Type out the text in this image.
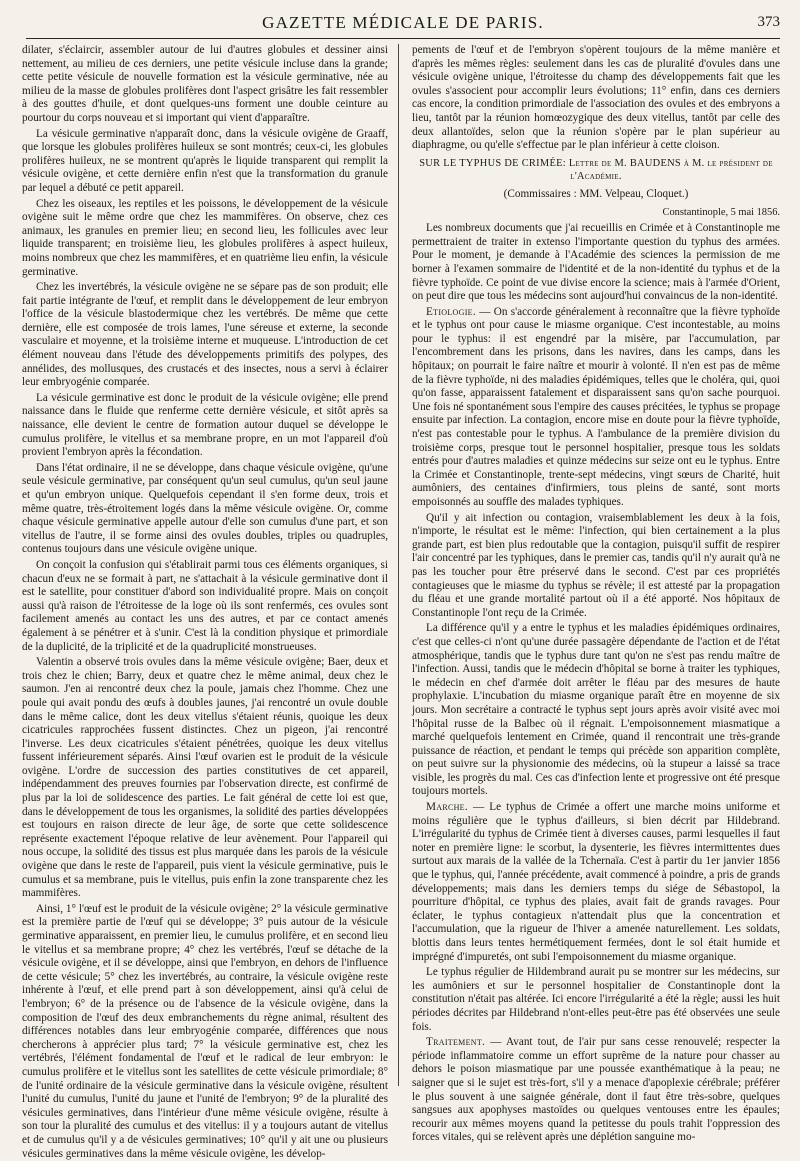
GAZETTE MÉDICALE DE PARIS.	373

dilater, s'éclaircir, assembler autour de lui d'autres globules et dessiner ainsi nettement, au milieu de ces derniers, une petite vésicule incluse dans la grande; cette petite vésicule de nouvelle formation est la vésicule germinative, née au milieu de la masse de globules prolifères dont l'aspect grisâtre les fait ressembler à des gouttes d'huile, et dont quelques-uns forment une double ceinture au pourtour du corps nouveau et si important qui vient d'apparaître.

La vésicule germinative n'apparaît donc, dans la vésicule ovigène de Graaff, que lorsque les globules prolifères huileux se sont montrés; ceux-ci, les globules prolifères huileux, ne se montrent qu'après le liquide transparent qui remplit la vésicule ovigène, et cette dernière enfin n'est que la transformation du granule par lequel a débuté ce petit appareil.

Chez les oiseaux, les reptiles et les poissons, le développement de la vésicule ovigène suit le même ordre que chez les mammifères. On observe, chez ces animaux, les granules en premier lieu; en second lieu, les follicules avec leur liquide transparent; en troisième lieu, les globules prolifères à aspect huileux, moins nombreux que chez les mammifères, et en quatrième lieu enfin, la vésicule germinative.

Chez les invertébrés, la vésicule ovigène ne se sépare pas de son produit; elle fait partie intégrante de l'œuf, et remplit dans le développement de leur embryon l'office de la vésicule blastodermique chez les vertébrés. De même que cette dernière, elle est composée de trois lames, l'une séreuse et externe, la seconde vasculaire et moyenne, et la troisième interne et muqueuse. L'introduction de cet élément nouveau dans l'étude des développements primitifs des polypes, des annélides, des mollusques, des crustacés et des insectes, nous a servi à éclairer leur embryogénie comparée.

La vésicule germinative est donc le produit de la vésicule ovigène; elle prend naissance dans le fluide que renferme cette dernière vésicule, et sitôt après sa naissance, elle devient le centre de formation autour duquel se développe le cumulus prolifère, le vitellus et sa membrane propre, en un mot l'appareil d'où provient l'embryon après la fécondation.

Dans l'état ordinaire, il ne se développe, dans chaque vésicule ovigène, qu'une seule vésicule germinative, par conséquent qu'un seul cumulus, qu'un seul jaune et qu'un embryon unique. Quelquefois cependant il s'en forme deux, trois et même quatre, très-étroitement logés dans la même vésicule ovigène. Or, comme chaque vésicule germinative appelle autour d'elle son cumulus d'une part, et son vitellus de l'autre, il se forme ainsi des ovules doubles, triples ou quadruples, contenus toujours dans une vésicule ovigène unique.

On conçoit la confusion qui s'établirait parmi tous ces éléments organiques, si chacun d'eux ne se formait à part, ne s'attachait à la vésicule germinative dont il est le satellite, pour constituer d'abord son individualité propre. Mais on conçoit aussi qu'à raison de l'étroitesse de la loge où ils sont renfermés, ces ovules sont facilement amenés au contact les uns des autres, et par ce contact amenés également à se pénétrer et à s'unir. C'est là la condition physique et primordiale de la duplicité, de la triplicité et de la quadruplicité monstrueuses.

Valentin a observé trois ovules dans la même vésicule ovigène; Baer, deux et trois chez le chien; Barry, deux et quatre chez le même animal, deux chez le saumon. J'en ai rencontré deux chez la poule, jamais chez l'homme. Chez une poule qui avait pondu des œufs à doubles jaunes, j'ai rencontré un ovule double dans le même calice, dont les deux vitellus s'étaient réunis, quoique les deux cicatricules rapprochées fussent distinctes. Chez un pigeon, j'ai rencontré l'inverse. Les deux cicatricules s'étaient pénétrées, quoique les deux vitellus fussent inférieurement séparés. Ainsi l'œuf ovarien est le produit de la vésicule ovigène. L'ordre de succession des parties constitutives de cet appareil, indépendamment des preuves fournies par l'observation directe, est confirmé de plus par la loi de solidescence des parties. Le fait général de cette loi est que, dans le développement de tous les organismes, la solidité des parties développées est toujours en raison directe de leur âge, de sorte que cette solidescence représente exactement l'époque relative de leur avènement. Pour l'appareil qui nous occupe, la solidité des tissus est plus marquée dans les parois de la vésicule ovigène que dans le reste de l'appareil, puis vient la vésicule germinative, puis le cumulus et sa membrane, puis le vitellus, puis enfin la zone transparente chez les mammifères.

Ainsi, 1° l'œuf est le produit de la vésicule ovigène; 2° la vésicule germinative est la première partie de l'œuf qui se développe; 3° puis autour de la vésicule germinative apparaissent, en premier lieu, le cumulus prolifère, et en second lieu le vitellus et sa membrane propre; 4° chez les vertébrés, l'œuf se détache de la vésicule ovigène, et il se développe, ainsi que l'embryon, en dehors de l'influence de cette vésicule; 5° chez les invertébrés, au contraire, la vésicule ovigène reste inhérente à l'œuf, et elle prend part à son développement, ainsi qu'à celui de l'embryon; 6° de la présence ou de l'absence de la vésicule ovigène, dans la composition de l'œuf des deux embranchements du règne animal, résultent des différences notables dans leur embryogénie comparée, différences que nous chercherons à apprécier plus tard; 7° la vésicule germinative est, chez les vertébrés, l'élément fondamental de l'œuf et le radical de leur embryon: le cumulus prolifère et le vitellus sont les satellites de cette vésicule primordiale; 8° de l'unité ordinaire de la vésicule germinative dans la vésicule ovigène, résultent l'unité du cumulus, l'unité du jaune et l'unité de l'embryon; 9° de la pluralité des vésicules germinatives, dans l'intérieur d'une même vésicule ovigène, résulte à son tour la pluralité des cumulus et des vitellus: il y a toujours autant de vitellus et de cumulus qu'il y a de vésicules germinatives; 10° qu'il y ait une ou plusieurs vésicules germinatives dans la même vésicule ovigène, les dévelop-

pements de l'œuf et de l'embryon s'opèrent toujours de la même manière et d'après les mêmes règles: seulement dans les cas de pluralité d'ovules dans une vésicule ovigène unique, l'étroitesse du champ des développements fait que les ovules s'associent pour accomplir leurs évolutions; 11° enfin, dans ces derniers cas encore, la condition primordiale de l'association des ovules et des embryons a lieu, tantôt par la réunion homœozygique des deux vitellus, tantôt par celle des deux allantoïdes, selon que la réunion s'opère par le plan supérieur au diaphragme, ou qu'elle s'effectue par le plan inférieur à cette cloison.

SUR LE TYPHUS DE CRIMÉE: Lettre de M. BAUDENS à M. le président de l'Académie.

(Commissaires : MM. Velpeau, Cloquet.)

Constantinople, 5 mai 1856.

Les nombreux documents que j'ai recueillis en Crimée et à Constantinople me permettraient de traiter in extenso l'importante question du typhus des armées. Pour le moment, je demande à l'Académie des sciences la permission de me borner à l'examen sommaire de l'identité et de la non-identité du typhus et de la fièvre typhoïde. Ce point de vue divise encore la science; mais à l'armée d'Orient, on peut dire que tous les médecins sont aujourd'hui convaincus de la non-identité.

Etiologie. — On s'accorde généralement à reconnaître que la fièvre typhoïde et le typhus ont pour cause le miasme organique. C'est incontestable, au moins pour le typhus: il est engendré par la misère, par l'accumulation, par l'encombrement dans les prisons, dans les navires, dans les camps, dans les hôpitaux; on pourrait le faire naître et mourir à volonté. Il n'en est pas de même de la fièvre typhoïde, ni des maladies épidémiques, telles que le choléra, qui, quoi qu'on fasse, apparaissent fatalement et disparaissent sans qu'on sache pourquoi. Une fois né spontanément sous l'empire des causes précitées, le typhus se propage ensuite par infection. La contagion, encore mise en doute pour la fièvre typhoïde, n'est pas contestable pour le typhus. A l'ambulance de la première division du troisième corps, presque tout le personnel hospitalier, presque tous les soldats entrés pour d'autres maladies et quinze médecins sur seize ont eu le typhus. Entre la Crimée et Constantinople, trente-sept médecins, vingt sœurs de Charité, huit aumôniers, des centaines d'infirmiers, tous pleins de santé, sont morts empoisonnés au souffle des malades typhiques.

Qu'il y ait infection ou contagion, vraisemblablement les deux à la fois, n'importe, le résultat est le même: l'infection, qui bien certainement a la plus grande part, est bien plus redoutable que la contagion, puisqu'il suffit de respirer l'air concentré par les typhiques, dans le premier cas, tandis qu'il n'y aurait qu'à ne pas les toucher pour être préservé dans le second. C'est par ces propriétés contagieuses que le miasme du typhus se révèle; il est attesté par la propagation du fléau et une grande mortalité partout où il a été apporté. Nos hôpitaux de Constantinople l'ont reçu de la Crimée.

La différence qu'il y a entre le typhus et les maladies épidémiques ordinaires, c'est que celles-ci n'ont qu'une durée passagère dépendante de l'action et de l'état atmosphérique, tandis que le typhus dure tant qu'on ne s'est pas rendu maître de l'infection. Aussi, tandis que le médecin d'hôpital se borne à traiter les typhiques, le médecin en chef d'armée doit arrêter le fléau par des mesures de haute prophylaxie. L'incubation du miasme organique paraît être en moyenne de six jours. Mon secrétaire a contracté le typhus sept jours après avoir visité avec moi l'hôpital russe de la Balbec où il régnait. L'empoisonnement miasmatique a marché quelquefois lentement en Crimée, quand il rencontrait une très-grande puissance de réaction, et pendant le temps qui précède son apparition complète, on peut suivre sur la physionomie des médecins, où la stupeur a laissé sa trace visible, les progrès du mal. Ces cas d'infection lente et progressive ont été presque toujours mortels.

Marche. — Le typhus de Crimée a offert une marche moins uniforme et moins régulière que le typhus d'ailleurs, si bien décrit par Hildebrand. L'irrégularité du typhus de Crimée tient à diverses causes, parmi lesquelles il faut noter en première ligne: le scorbut, la dysenterie, les fièvres intermittentes dues surtout aux marais de la vallée de la Tchernaïa. C'est à partir du 1er janvier 1856 que le typhus, qui, l'année précédente, avait commencé à poindre, a pris de grands développements; mais dans les derniers temps du siége de Sébastopol, la pourriture d'hôpital, ce typhus des plaies, avait fait de grands ravages. Pour éclater, le typhus contagieux n'attendait plus que la concentration et l'accumulation, que la rigueur de l'hiver a amenée naturellement. Les soldats, blottis dans leurs tentes hermétiquement fermées, dont le sol était humide et imprégné d'impuretés, ont subi l'empoisonnement du miasme organique.

Le typhus régulier de Hildembrand aurait pu se montrer sur les médecins, sur les aumôniers et sur le personnel hospitalier de Constantinople dont la constitution n'était pas altérée. Ici encore l'irrégularité a été la règle; aussi les huit périodes décrites par Hildebrand n'ont-elles peut-être pas été observées une seule fois.

Traitement. — Avant tout, de l'air pur sans cesse renouvelé; respecter la période inflammatoire comme un effort suprême de la nature pour chasser au dehors le poison miasmatique par une poussée exanthématique à la peau; ne saigner que si le sujet est très-fort, s'il y a menace d'apoplexie cérébrale; préférer le plus souvent à une saignée générale, dont il faut être très-sobre, quelques sangsues aux apophyses mastoïdes ou quelques ventouses entre les épaules; recourir aux mêmes moyens quand la petitesse du pouls trahit l'oppression des forces vitales, qui se relèvent après une déplétion sanguine mo-
